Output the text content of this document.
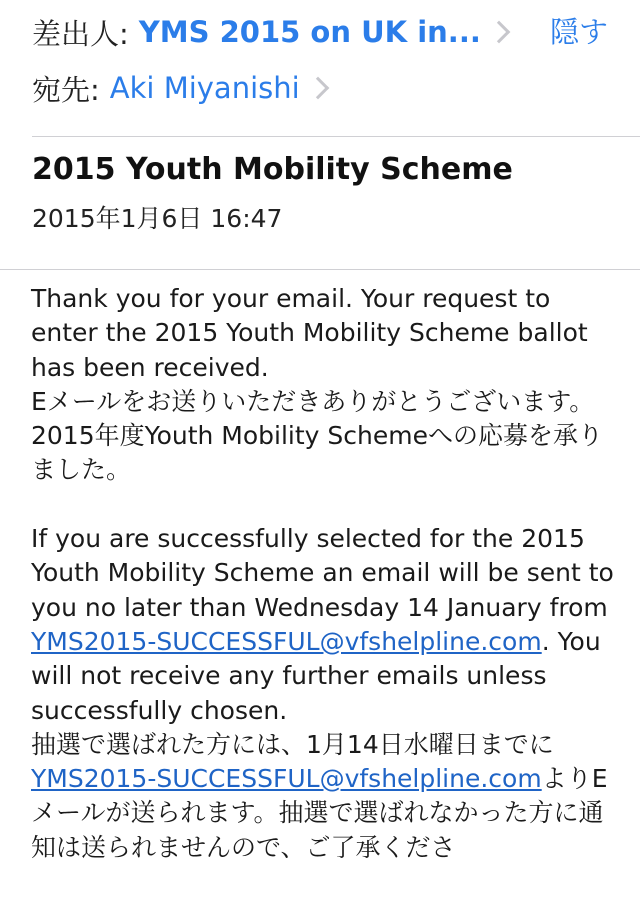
差出人: YMS 2015 on UK in... 隠す
宛先: Aki Miyanishi
2015 Youth Mobility Scheme
2015年1月6日 16:47

Thank you for your email. Your request to enter the 2015 Youth Mobility Scheme ballot has been received.

Eメールをお送りいただきありがとうございます。2015年度Youth Mobility Schemeへの応募を承りました。

If you are successfully selected for the 2015 Youth Mobility Scheme an email will be sent to you no later than Wednesday 14 January from YMS2015-SUCCESSFUL@vfshelpline.com. You will not receive any further emails unless successfully chosen.

抽選で選ばれた方には、1月14日水曜日までにYMS2015-SUCCESSFUL@vfshelpline.comよりEメールが送られます。抽選で選ばれなかった方に通知は送られませんので、ご了承くださ
